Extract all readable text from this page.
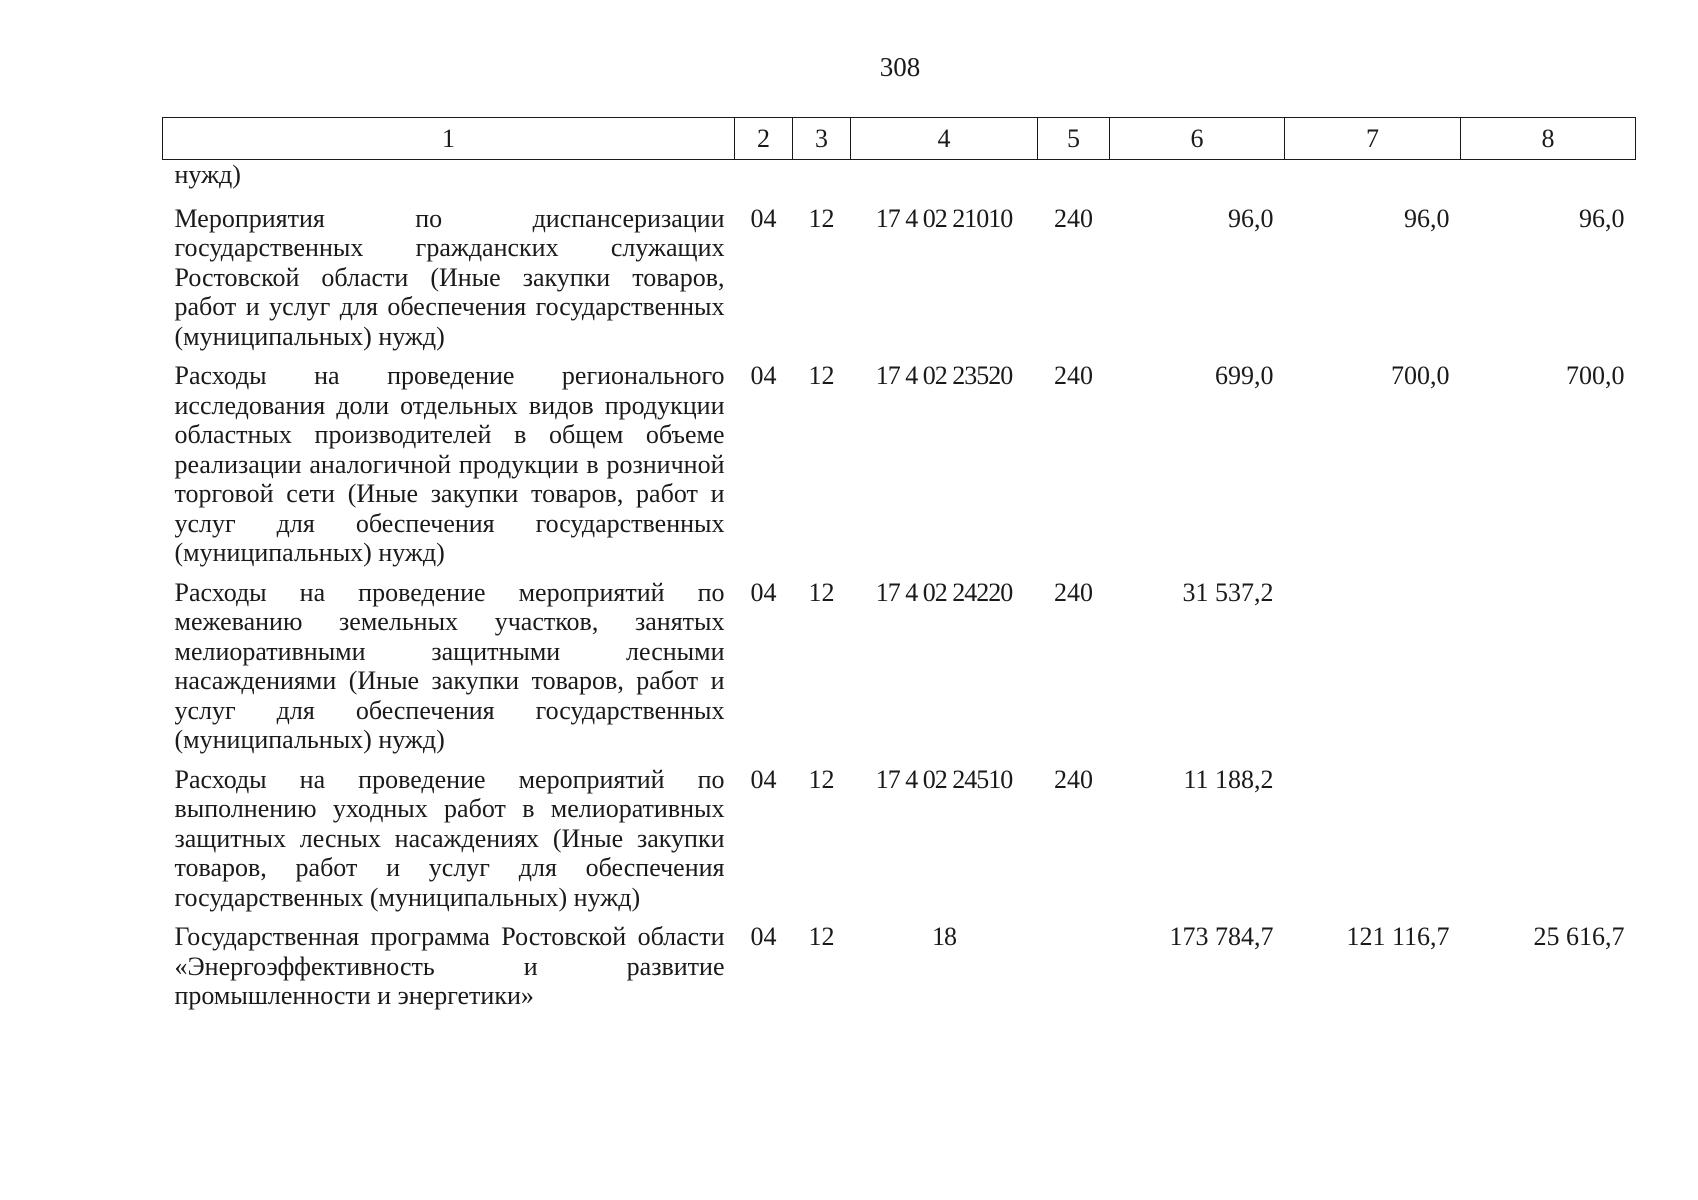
308
1	2	3	4	5	6	7	8
нужд)							
Мероприятия по диспансеризации государственных гражданских служащих Ростовской области (Иные закупки товаров, работ и услуг для обеспечения государственных (муниципальных) нужд)	04	12	17 4 02 21010	240	96,0	96,0	96,0
Расходы на проведение регионального исследования доли отдельных видов продукции областных производителей в общем объеме реализации аналогичной продукции в розничной торговой сети (Иные закупки товаров, работ и услуг для обеспечения государственных (муниципальных) нужд)	04	12	17 4 02 23520	240	699,0	700,0	700,0
Расходы на проведение мероприятий по межеванию земельных участков, занятых мелиоративными защитными лесными насаждениями (Иные закупки товаров, работ и услуг для обеспечения государственных (муниципальных) нужд)	04	12	17 4 02 24220	240	31 537,2		
Расходы на проведение мероприятий по выполнению уходных работ в мелиоративных защитных лесных насаждениях (Иные закупки товаров, работ и услуг для обеспечения государственных (муниципальных) нужд)	04	12	17 4 02 24510	240	11 188,2		
Государственная программа Ростовской области «Энергоэффективность и развитие промышленности и энергетики»	04	12	18		173 784,7	121 116,7	25 616,7
